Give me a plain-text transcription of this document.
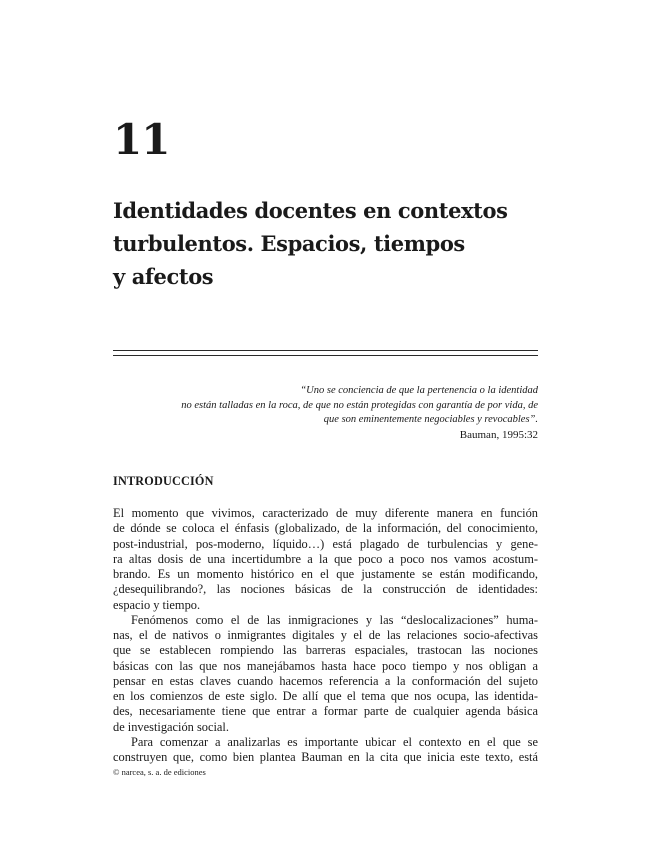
11
Identidades docentes en contextos
turbulentos. Espacios, tiempos
y afectos
“Uno se conciencia de que la pertenencia o la identidad
no están talladas en la roca, de que no están protegidas con garantía de por vida, de
que son eminentemente negociables y revocables”.
Bauman, 1995:32
INTRODUCCIÓN
El momento que vivimos, caracterizado de muy diferente manera en función
de dónde se coloca el énfasis (globalizado, de la información, del conocimiento,
post-industrial, pos-moderno, líquido…) está plagado de turbulencias y gene-
ra altas dosis de una incertidumbre a la que poco a poco nos vamos acostum-
brando. Es un momento histórico en el que justamente se están modificando,
¿desequilibrando?, las nociones básicas de la construcción de identidades:
espacio y tiempo.
Fenómenos como el de las inmigraciones y las “deslocalizaciones” huma-
nas, el de nativos o inmigrantes digitales y el de las relaciones socio-afectivas
que se establecen rompiendo las barreras espaciales, trastocan las nociones
básicas con las que nos manejábamos hasta hace poco tiempo y nos obligan a
pensar en estas claves cuando hacemos referencia a la conformación del sujeto
en los comienzos de este siglo. De allí que el tema que nos ocupa, las identida-
des, necesariamente tiene que entrar a formar parte de cualquier agenda básica
de investigación social.
Para comenzar a analizarlas es importante ubicar el contexto en el que se
construyen que, como bien plantea Bauman en la cita que inicia este texto, está
© narcea, s. a. de ediciones
